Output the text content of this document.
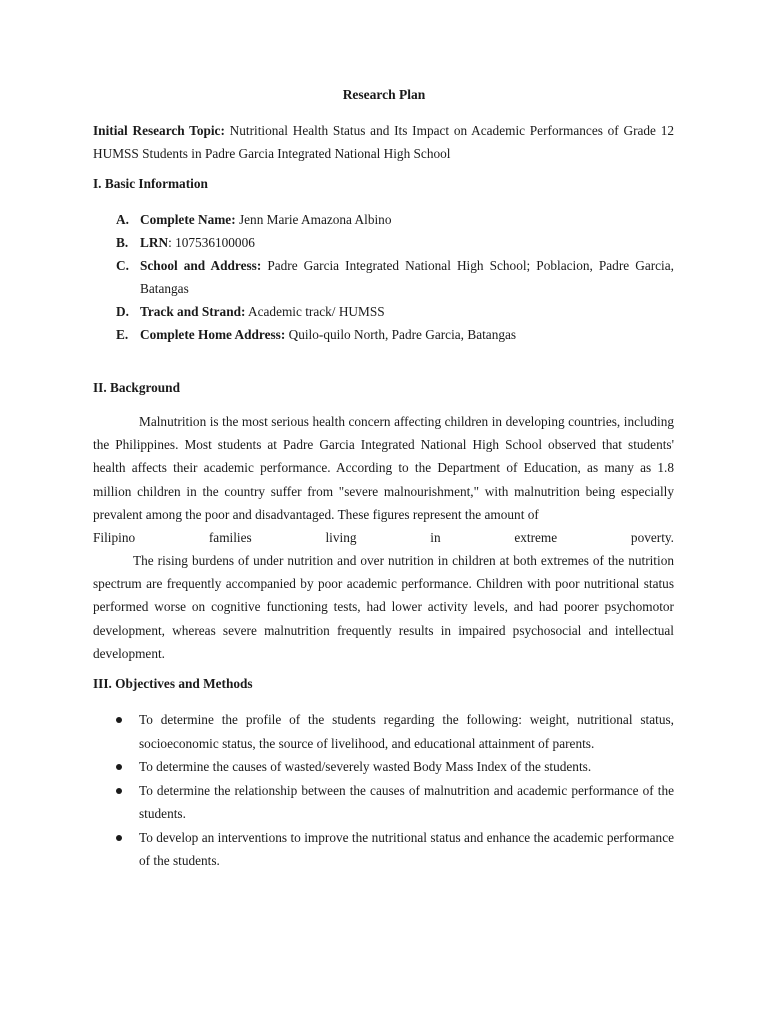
Research Plan
Initial Research Topic: Nutritional Health Status and Its Impact on Academic Performances of Grade 12 HUMSS Students in Padre Garcia Integrated National High School
I. Basic Information
A. Complete Name: Jenn Marie Amazona Albino
B. LRN: 107536100006
C. School and Address: Padre Garcia Integrated National High School; Poblacion, Padre Garcia, Batangas
D. Track and Strand: Academic track/ HUMSS
E. Complete Home Address: Quilo-quilo North, Padre Garcia, Batangas
II. Background

Malnutrition is the most serious health concern affecting children in developing countries, including the Philippines. Most students at Padre Garcia Integrated National High School observed that students' health affects their academic performance. According to the Department of Education, as many as 1.8 million children in the country suffer from "severe malnourishment," with malnutrition being especially prevalent among the poor and disadvantaged. These figures represent the amount of
Filipino families living in extreme poverty.

The rising burdens of under nutrition and over nutrition in children at both extremes of the nutrition spectrum are frequently accompanied by poor academic performance. Children with poor nutritional status performed worse on cognitive functioning tests, had lower activity levels, and had poorer psychomotor development, whereas severe malnutrition frequently results in impaired psychosocial and intellectual development.

III. Objectives and Methods
To determine the profile of the students regarding the following: weight, nutritional status, socioeconomic status, the source of livelihood, and educational attainment of parents.
To determine the causes of wasted/severely wasted Body Mass Index of the students.
To determine the relationship between the causes of malnutrition and academic performance of the students.
To develop an interventions to improve the nutritional status and enhance the academic performance of the students.
